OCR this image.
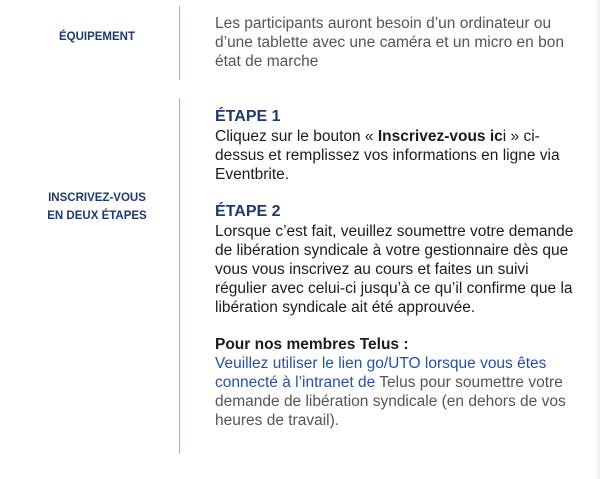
ÉQUIPEMENT
Les participants auront besoin d’un ordinateur ou d’une tablette avec une caméra et un micro en bon état de marche
INSCRIVEZ-VOUS
EN DEUX ÉTAPES

ÉTAPE 1

Cliquez sur le bouton « Inscrivez-vous ici » ci-dessus et remplissez vos informations en ligne via Eventbrite.

ÉTAPE 2

Lorsque c’est fait, veuillez soumettre votre demande de libération syndicale à votre gestionnaire dès que vous vous inscrivez au cours et faites un suivi régulier avec celui-ci jusqu’à ce qu’il confirme que la libération syndicale ait été approuvée.

Pour nos membres Telus :

Veuillez utiliser le lien go/UTO lorsque vous êtes connecté à l’intranet de Telus pour soumettre votre demande de libération syndicale (en dehors de vos heures de travail).
